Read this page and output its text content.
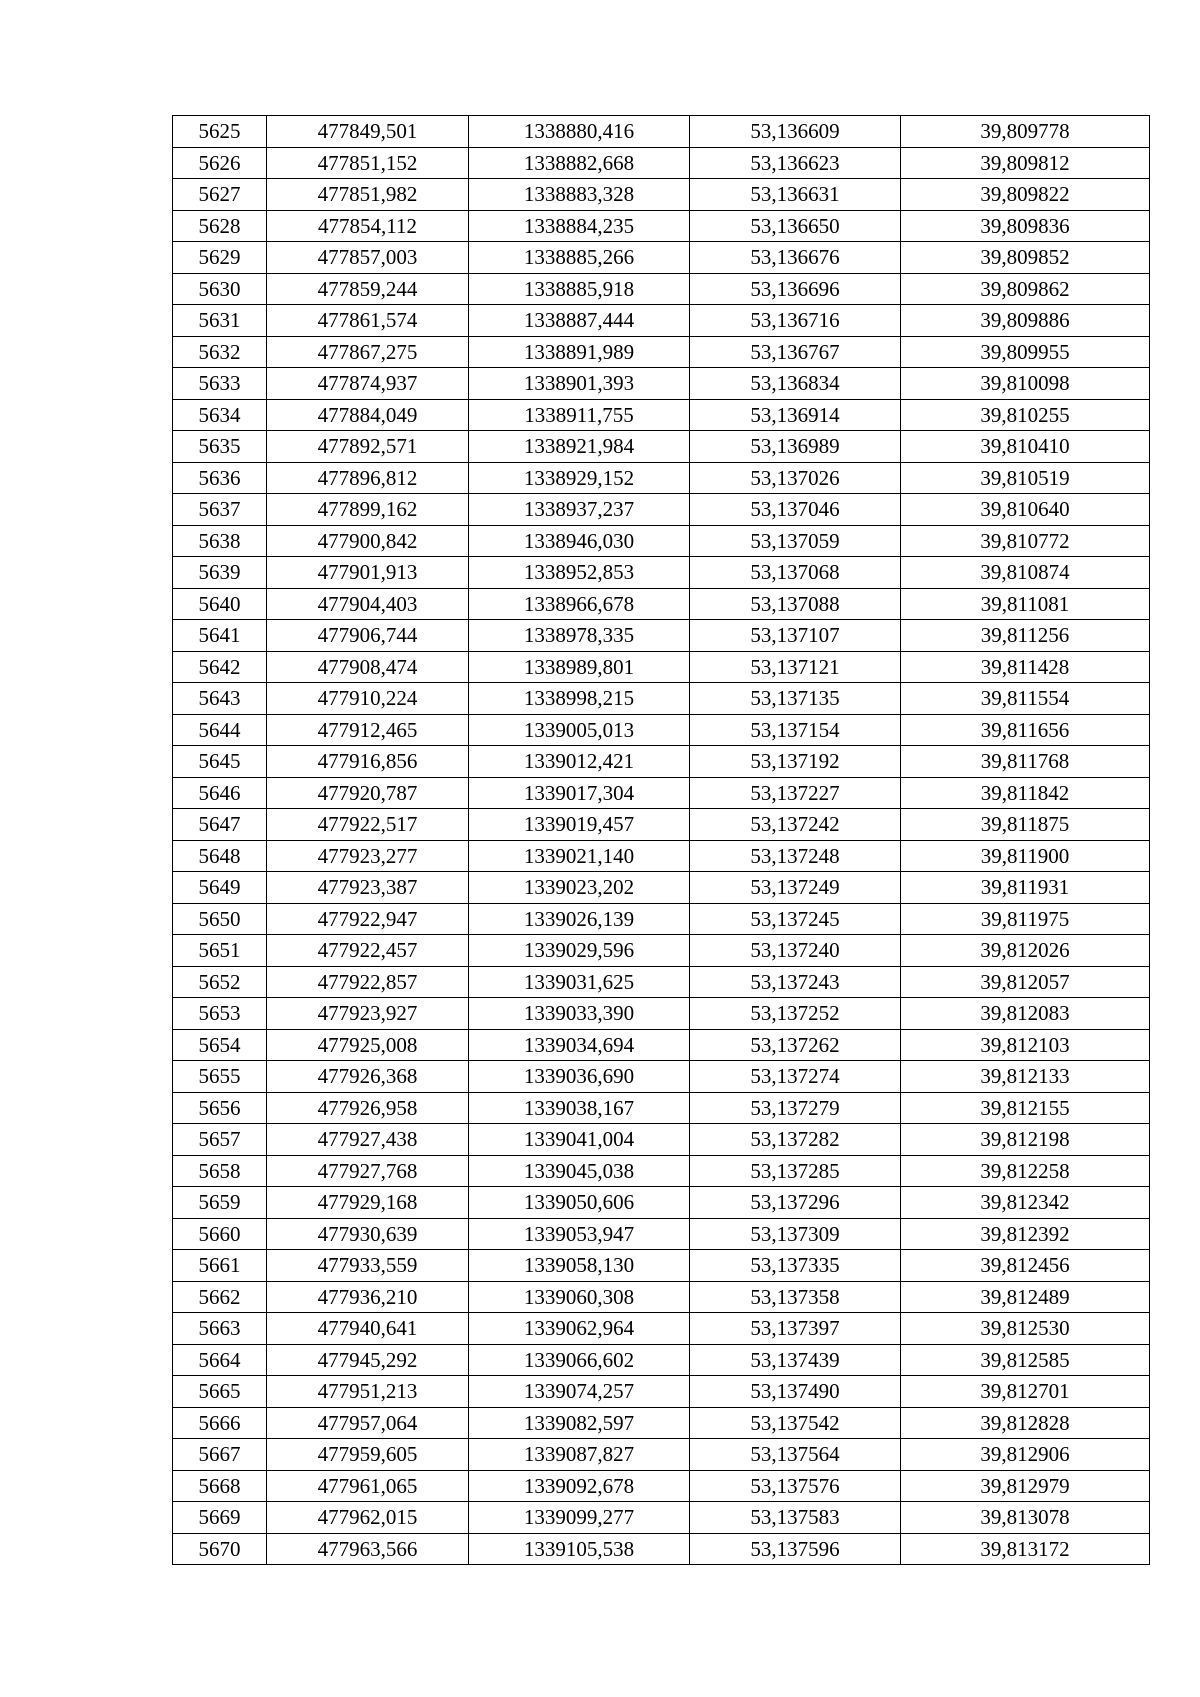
5625	477849,501	1338880,416	53,136609	39,809778
5626	477851,152	1338882,668	53,136623	39,809812
5627	477851,982	1338883,328	53,136631	39,809822
5628	477854,112	1338884,235	53,136650	39,809836
5629	477857,003	1338885,266	53,136676	39,809852
5630	477859,244	1338885,918	53,136696	39,809862
5631	477861,574	1338887,444	53,136716	39,809886
5632	477867,275	1338891,989	53,136767	39,809955
5633	477874,937	1338901,393	53,136834	39,810098
5634	477884,049	1338911,755	53,136914	39,810255
5635	477892,571	1338921,984	53,136989	39,810410
5636	477896,812	1338929,152	53,137026	39,810519
5637	477899,162	1338937,237	53,137046	39,810640
5638	477900,842	1338946,030	53,137059	39,810772
5639	477901,913	1338952,853	53,137068	39,810874
5640	477904,403	1338966,678	53,137088	39,811081
5641	477906,744	1338978,335	53,137107	39,811256
5642	477908,474	1338989,801	53,137121	39,811428
5643	477910,224	1338998,215	53,137135	39,811554
5644	477912,465	1339005,013	53,137154	39,811656
5645	477916,856	1339012,421	53,137192	39,811768
5646	477920,787	1339017,304	53,137227	39,811842
5647	477922,517	1339019,457	53,137242	39,811875
5648	477923,277	1339021,140	53,137248	39,811900
5649	477923,387	1339023,202	53,137249	39,811931
5650	477922,947	1339026,139	53,137245	39,811975
5651	477922,457	1339029,596	53,137240	39,812026
5652	477922,857	1339031,625	53,137243	39,812057
5653	477923,927	1339033,390	53,137252	39,812083
5654	477925,008	1339034,694	53,137262	39,812103
5655	477926,368	1339036,690	53,137274	39,812133
5656	477926,958	1339038,167	53,137279	39,812155
5657	477927,438	1339041,004	53,137282	39,812198
5658	477927,768	1339045,038	53,137285	39,812258
5659	477929,168	1339050,606	53,137296	39,812342
5660	477930,639	1339053,947	53,137309	39,812392
5661	477933,559	1339058,130	53,137335	39,812456
5662	477936,210	1339060,308	53,137358	39,812489
5663	477940,641	1339062,964	53,137397	39,812530
5664	477945,292	1339066,602	53,137439	39,812585
5665	477951,213	1339074,257	53,137490	39,812701
5666	477957,064	1339082,597	53,137542	39,812828
5667	477959,605	1339087,827	53,137564	39,812906
5668	477961,065	1339092,678	53,137576	39,812979
5669	477962,015	1339099,277	53,137583	39,813078
5670	477963,566	1339105,538	53,137596	39,813172
